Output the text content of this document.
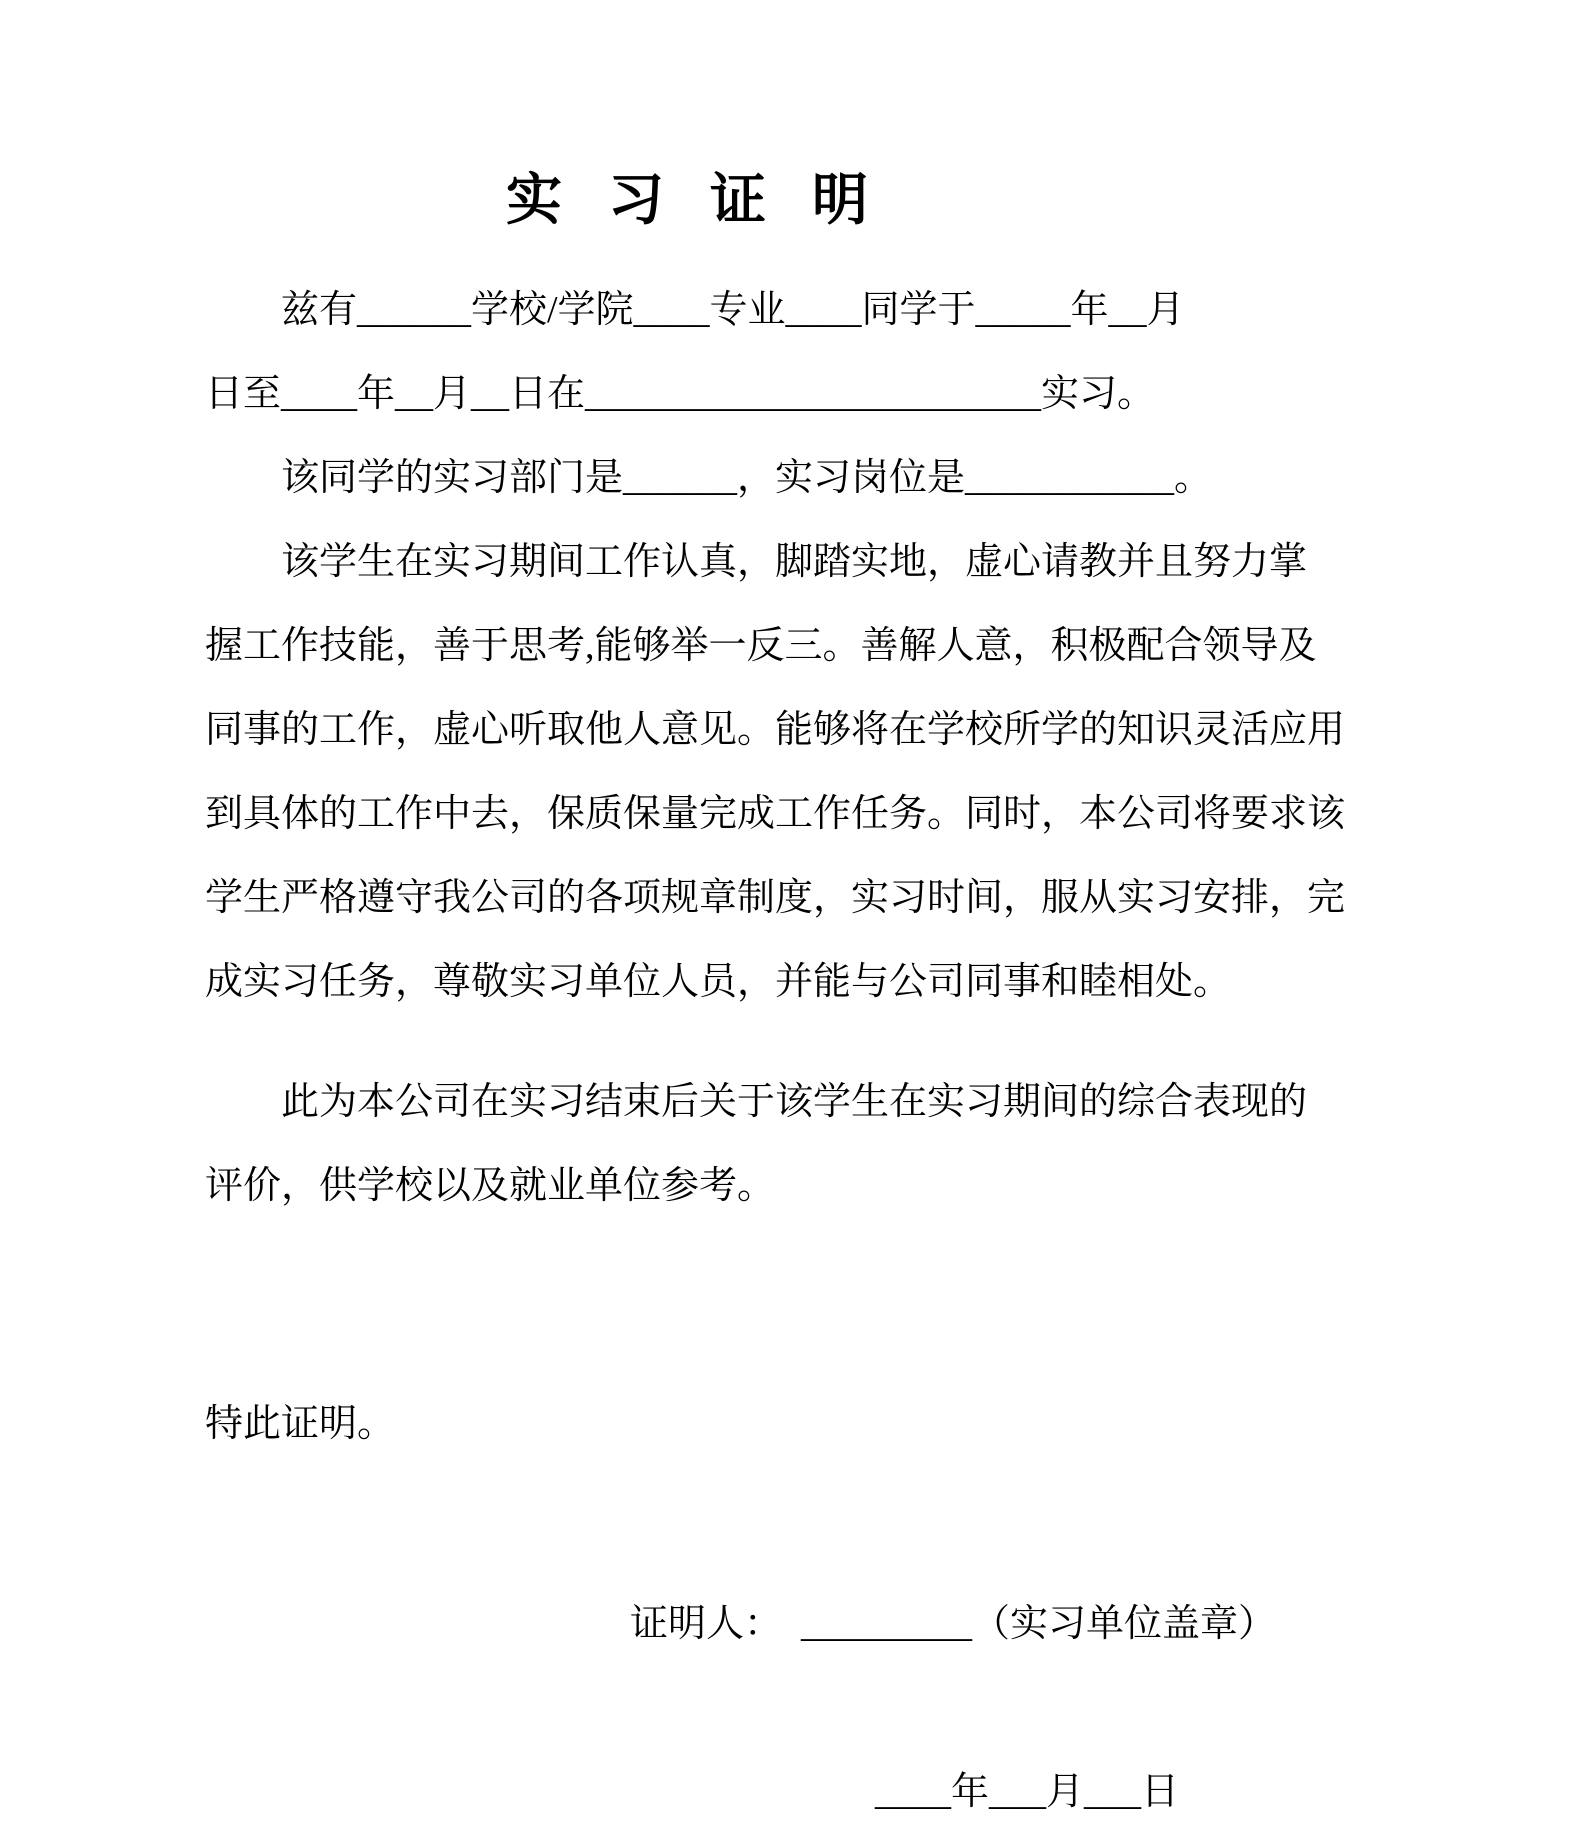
实 习 证 明
　　兹有______学校/学院____专业____同学于_____年__月
日至____年__月__日在________________________实习。
　　该同学的实习部门是______，实习岗位是___________。
　　该学生在实习期间工作认真，脚踏实地，虚心请教并且努力掌
握工作技能，善于思考,能够举一反三。善解人意，积极配合领导及
同事的工作，虚心听取他人意见。能够将在学校所学的知识灵活应用
到具体的工作中去，保质保量完成工作任务。同时，本公司将要求该
学生严格遵守我公司的各项规章制度，实习时间，服从实习安排，完
成实习任务，尊敬实习单位人员，并能与公司同事和睦相处。
　　此为本公司在实习结束后关于该学生在实习期间的综合表现的
评价，供学校以及就业单位参考。
特此证明。
证明人：　_________（实习单位盖章）
____年___月___日
